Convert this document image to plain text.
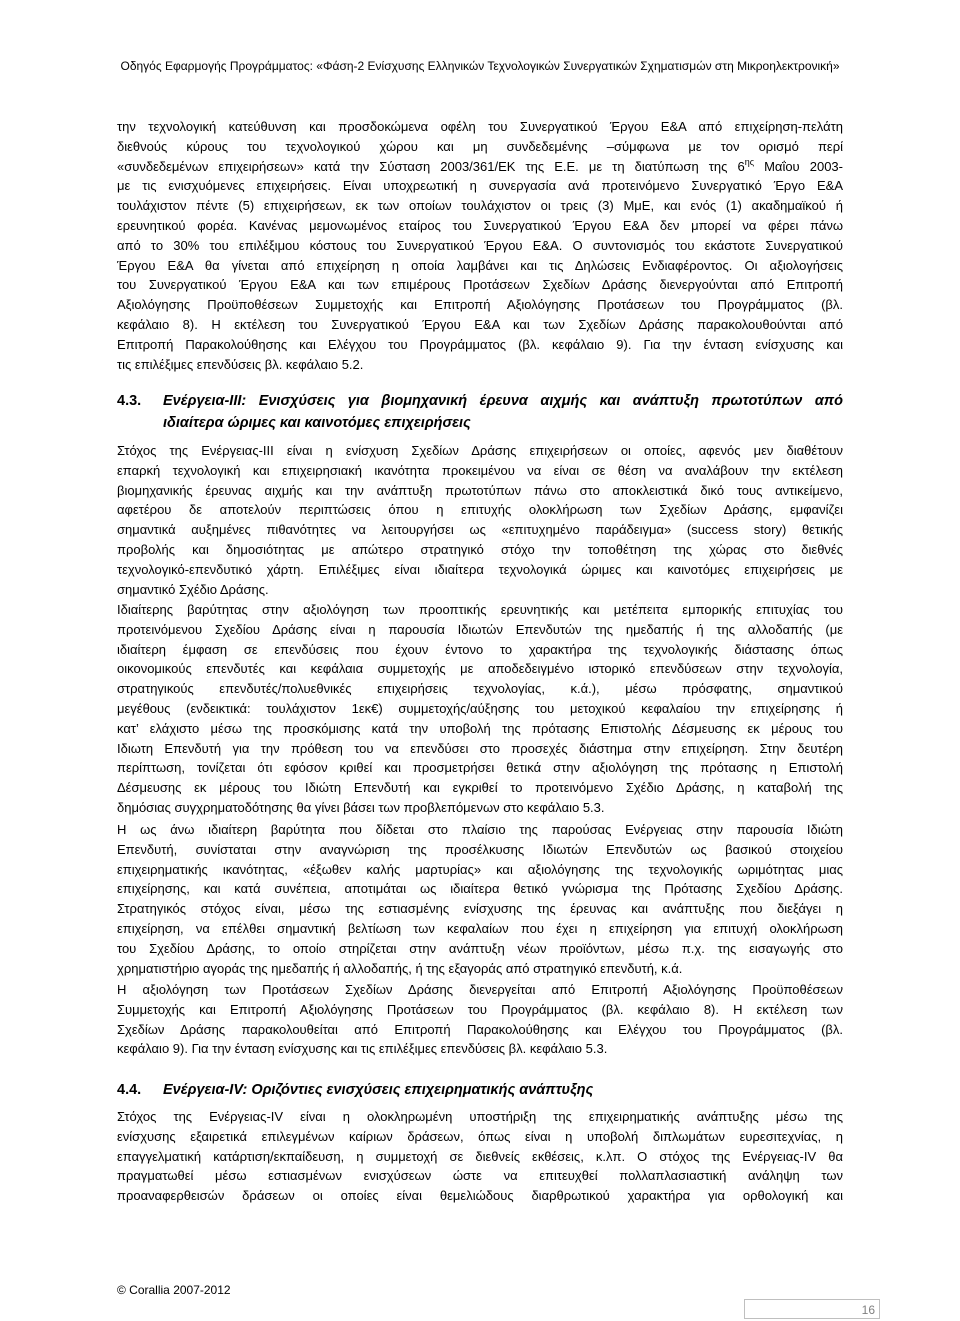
Οδηγός Εφαρμογής Προγράμματος: «Φάση-2 Ενίσχυσης Ελληνικών Τεχνολογικών Συνεργατικών Σχηματισμών στη Μικροηλεκτρονική»
την τεχνολογική κατεύθυνση και προσδοκώμενα οφέλη του Συνεργατικού Έργου Ε&Α από επιχείρηση-πελάτη
διεθνούς κύρους του τεχνολογικού χώρου και μη συνδεδεμένης –σύμφωνα με τον ορισμό περί
«συνδεδεμένων επιχειρήσεων» κατά την Σύσταση 2003/361/ΕΚ της Ε.Ε. με τη διατύπωση της $6^{\eta\varsigma}$ Μαΐου 2003-
με τις ενισχυόμενες επιχειρήσεις. Είναι υποχρεωτική η συνεργασία ανά προτεινόμενο Συνεργατικό Έργο Ε&Α
τουλάχιστον πέντε (5) επιχειρήσεων, εκ των οποίων τουλάχιστον οι τρεις (3) ΜμΕ, και ενός (1) ακαδημαϊκού ή
ερευνητικού φορέα. Κανένας μεμονωμένος εταίρος του Συνεργατικού Έργου Ε&Α δεν μπορεί να φέρει πάνω
από το 30% του επιλέξιμου κόστους του Συνεργατικού Έργου Ε&Α. Ο συντονισμός του εκάστοτε Συνεργατικού
Έργου Ε&Α θα γίνεται από επιχείρηση η οποία λαμβάνει και τις Δηλώσεις Ενδιαφέροντος. Οι αξιολογήσεις
του Συνεργατικού Έργου Ε&Α και των επιμέρους Προτάσεων Σχεδίων Δράσης διενεργούνται από Επιτροπή
Αξιολόγησης Προϋποθέσεων Συμμετοχής και Επιτροπή Αξιολόγησης Προτάσεων του Προγράμματος (βλ.
κεφάλαιο 8). Η εκτέλεση του Συνεργατικού Έργου Ε&Α και των Σχεδίων Δράσης παρακολουθούνται από
Επιτροπή Παρακολούθησης και Ελέγχου του Προγράμματος (βλ. κεφάλαιο 9). Για την ένταση ενίσχυσης και
τις επιλέξιμες επενδύσεις βλ. κεφάλαιο 5.2.
4.3. Ενέργεια-III: Ενισχύσεις για βιομηχανική έρευνα αιχμής και ανάπτυξη πρωτοτύπων από
ιδιαίτερα ώριμες και καινοτόμες επιχειρήσεις
Στόχος της Ενέργειας-III είναι η ενίσχυση Σχεδίων Δράσης επιχειρήσεων οι οποίες, αφενός μεν διαθέτουν
επαρκή τεχνολογική και επιχειρησιακή ικανότητα προκειμένου να είναι σε θέση να αναλάβουν την εκτέλεση
βιομηχανικής έρευνας αιχμής και την ανάπτυξη πρωτοτύπων πάνω στο αποκλειστικά δικό τους αντικείμενο,
αφετέρου δε αποτελούν περιπτώσεις όπου η επιτυχής ολοκλήρωση των Σχεδίων Δράσης, εμφανίζει
σημαντικά αυξημένες πιθανότητες να λειτουργήσει ως «επιτυχημένο παράδειγμα» (success story) θετικής
προβολής και δημοσιότητας με απώτερο στρατηγικό στόχο την τοποθέτηση της χώρας στο διεθνές
τεχνολογικό-επενδυτικό χάρτη. Επιλέξιμες είναι ιδιαίτερα τεχνολογικά ώριμες και καινοτόμες επιχειρήσεις με
σημαντικό Σχέδιο Δράσης.
Ιδιαίτερης βαρύτητας στην αξιολόγηση των προοπτικής ερευνητικής και μετέπειτα εμπορικής επιτυχίας του
προτεινόμενου Σχεδίου Δράσης είναι η παρουσία Ιδιωτών Επενδυτών της ημεδαπής ή της αλλοδαπής (με
ιδιαίτερη έμφαση σε επενδύσεις που έχουν έντονο το χαρακτήρα της τεχνολογικής διάστασης όπως
οικονομικούς επενδυτές και κεφάλαια συμμετοχής με αποδεδειγμένο ιστορικό επενδύσεων στην τεχνολογία,
στρατηγικούς επενδυτές/πολυεθνικές επιχειρήσεις τεχνολογίας, κ.ά.), μέσω πρόσφατης, σημαντικού
μεγέθους (ενδεικτικά: τουλάχιστον 1εκ€) συμμετοχής/αύξησης του μετοχικού κεφαλαίου την επιχείρησης ή
κατ’ ελάχιστο μέσω της προσκόμισης κατά την υποβολή της πρότασης Επιστολής Δέσμευσης εκ μέρους του
Ιδιωτη Επενδυτή για την πρόθεση του να επενδύσει στο προσεχές διάστημα στην επιχείρηση. Στην δευτέρη
περίπτωση, τονίζεται ότι εφόσον κριθεί και προσμετρήσει θετικά στην αξιολόγηση της πρότασης η Επιστολή
Δέσμευσης εκ μέρους του Ιδιώτη Επενδυτή και εγκριθεί το προτεινόμενο Σχέδιο Δράσης, η καταβολή της
δημόσιας συγχρηματοδότησης θα γίνει βάσει των προβλεπόμενων στο κεφάλαιο 5.3.
Η ως άνω ιδιαίτερη βαρύτητα που δίδεται στο πλαίσιο της παρούσας Ενέργειας στην παρουσία Ιδιώτη
Επενδυτή, συνίσταται στην αναγνώριση της προσέλκυσης Ιδιωτών Επενδυτών ως βασικού στοιχείου
επιχειρηματικής ικανότητας, «έξωθεν καλής μαρτυρίας» και αξιολόγησης της τεχνολογικής ωριμότητας μιας
επιχείρησης, και κατά συνέπεια, αποτιμάται ως ιδιαίτερα θετικό γνώρισμα της Πρότασης Σχεδίου Δράσης.
Στρατηγικός στόχος είναι, μέσω της εστιασμένης ενίσχυσης της έρευνας και ανάπτυξης που διεξάγει η
επιχείρηση, να επέλθει σημαντική βελτίωση των κεφαλαίων που έχει η επιχείρηση για επιτυχή ολοκλήρωση
του Σχεδίου Δράσης, το οποίο στηρίζεται στην ανάπτυξη νέων προϊόντων, μέσω π.χ. της εισαγωγής στο
χρηματιστήριο αγοράς της ημεδαπής ή αλλοδαπής, ή της εξαγοράς από στρατηγικό επενδυτή, κ.ά.
Η αξιολόγηση των Προτάσεων Σχεδίων Δράσης διενεργείται από Επιτροπή Αξιολόγησης Προϋποθέσεων
Συμμετοχής και Επιτροπή Αξιολόγησης Προτάσεων του Προγράμματος (βλ. κεφάλαιο 8). Η εκτέλεση των
Σχεδίων Δράσης παρακολουθείται από Επιτροπή Παρακολούθησης και Ελέγχου του Προγράμματος (βλ.
κεφάλαιο 9). Για την ένταση ενίσχυσης και τις επιλέξιμες επενδύσεις βλ. κεφάλαιο 5.3.
4.4. Ενέργεια-IV: Οριζόντιες ενισχύσεις επιχειρηματικής ανάπτυξης
Στόχος της Ενέργειας-IV είναι η ολοκληρωμένη υποστήριξη της επιχειρηματικής ανάπτυξης μέσω της
ενίσχυσης εξαιρετικά επιλεγμένων καίριων δράσεων, όπως είναι η υποβολή διπλωμάτων ευρεσιτεχνίας, η
επαγγελματική κατάρτιση/εκπαίδευση, η συμμετοχή σε διεθνείς εκθέσεις, κ.λπ. Ο στόχος της Ενέργειας-IV θα
πραγματωθεί μέσω εστιασμένων ενισχύσεων ώστε να επιτευχθεί πολλαπλασιαστική ανάληψη των
προαναφερθεισών δράσεων οι οποίες είναι θεμελιώδους διαρθρωτικού χαρακτήρα για ορθολογική και
© Corallia 2007-2012
16
